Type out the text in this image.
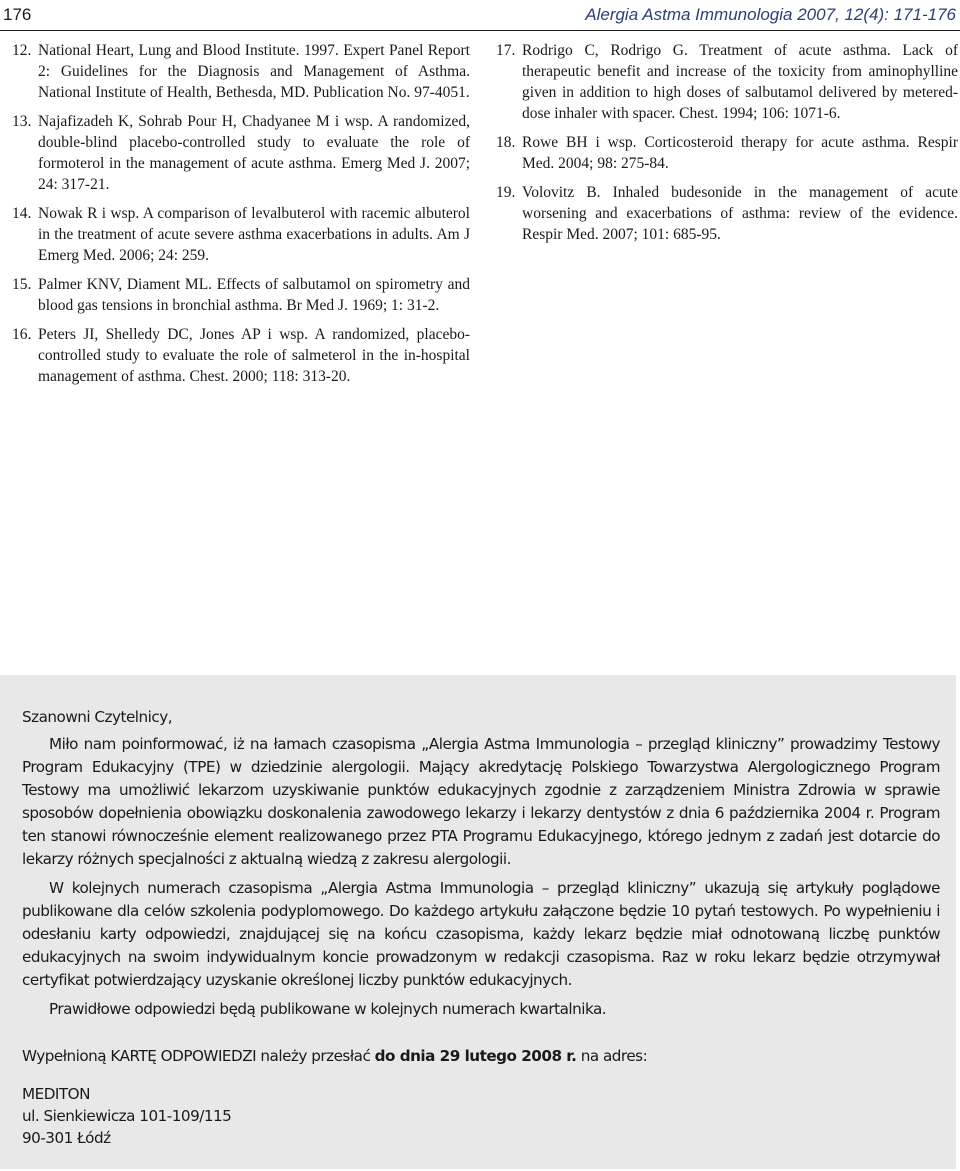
176	Alergia Astma Immunologia 2007, 12(4): 171-176
12. National Heart, Lung and Blood Institute. 1997. Expert Panel Report 2: Guidelines for the Diagnosis and Management of Asthma. National Institute of Health, Bethesda, MD. Publication No. 97-4051.
13. Najafizadeh K, Sohrab Pour H, Chadyanee M i wsp. A randomized, double-blind placebo-controlled study to evaluate the role of formoterol in the management of acute asthma. Emerg Med J. 2007; 24: 317-21.
14. Nowak R i wsp. A comparison of levalbuterol with racemic albuterol in the treatment of acute severe asthma exacerbations in adults. Am J Emerg Med. 2006; 24: 259.
15. Palmer KNV, Diament ML. Effects of salbutamol on spirometry and blood gas tensions in bronchial asthma. Br Med J. 1969; 1: 31-2.
16. Peters JI, Shelledy DC, Jones AP i wsp. A randomized, placebo-controlled study to evaluate the role of salmeterol in the in-hospital management of asthma. Chest. 2000; 118: 313-20.
17. Rodrigo C, Rodrigo G. Treatment of acute asthma. Lack of therapeutic benefit and increase of the toxicity from aminophylline given in addition to high doses of salbutamol delivered by metered-dose inhaler with spacer. Chest. 1994; 106: 1071-6.
18. Rowe BH i wsp. Corticosteroid therapy for acute asthma. Respir Med. 2004; 98: 275-84.
19. Volovitz B. Inhaled budesonide in the management of acute worsening and exacerbations of asthma: review of the evidence. Respir Med. 2007; 101: 685-95.
Szanowni Czytelnicy,

Miło nam poinformować, iż na łamach czasopisma „Alergia Astma Immunologia – przegląd kliniczny” prowadzimy Testowy Program Edukacyjny (TPE) w dziedzinie alergologii. Mający akredytację Polskiego Towarzystwa Alergologicznego Program Testowy ma umożliwić lekarzom uzyskiwanie punktów edukacyjnych zgodnie z zarządzeniem Ministra Zdrowia w sprawie sposobów dopełnienia obowiązku doskonalenia zawodowego lekarzy i lekarzy dentystów z dnia 6 października 2004 r. Program ten stanowi równocześnie element realizowanego przez PTA Programu Edukacyjnego, którego jednym z zadań jest dotarcie do lekarzy różnych specjalności z aktualną wiedzą z zakresu alergologii.

W kolejnych numerach czasopisma „Alergia Astma Immunologia – przegląd kliniczny” ukazują się artykuły poglądowe publikowane dla celów szkolenia podyplomowego. Do każdego artykułu załączone będzie 10 pytań testowych. Po wypełnieniu i odesłaniu karty odpowiedzi, znajdującej się na końcu czasopisma, każdy lekarz będzie miał odnotowaną liczbę punktów edukacyjnych na swoim indywidualnym koncie prowadzonym w redakcji czasopisma. Raz w roku lekarz będzie otrzymywał certyfikat potwierdzający uzyskanie określonej liczby punktów edukacyjnych.

Prawidłowe odpowiedzi będą publikowane w kolejnych numerach kwartalnika.

Wypełnioną KARTĘ ODPOWIEDZI należy przesłać do dnia 29 lutego 2008 r. na adres:
MEDITON
ul. Sienkiewicza 101-109/115
90-301 Łódź
